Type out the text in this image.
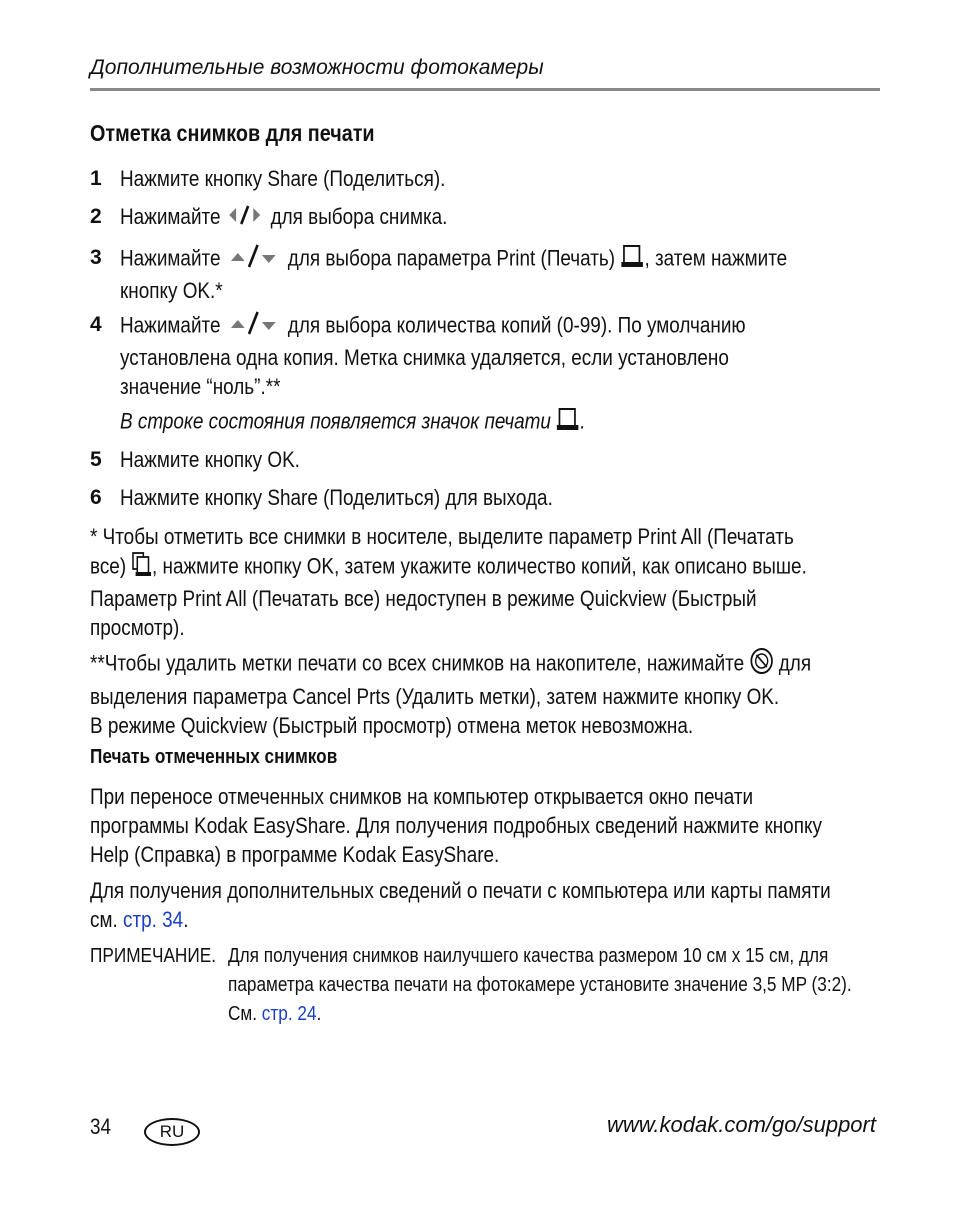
Дополнительные возможности фотокамеры
Отметка снимков для печати
1 Нажмите кнопку Share (Поделиться).
2 Нажимайте для выбора снимка.
3 Нажимайте	для выбора параметра Print (Печать) , затем нажмите
кнопку OK.*
4 Нажимайте	для выбора количества копий (0-99). По умолчанию
установлена одна копия. Метка снимка удаляется, если установлено
значение “ноль”.**
В строке состояния появляется значок печати .
5 Нажмите кнопку OK.
6 Нажмите кнопку Share (Поделиться) для выхода.
* Чтобы отметить все снимки в носителе, выделите параметр Print All (Печатать
все) , нажмите кнопку OK, затем укажите количество копий, как описано выше.
Параметр Print All (Печатать все) недоступен в режиме Quickview (Быстрый
просмотр).
**Чтобы удалить метки печати со всех снимков на накопителе, нажимайте для
выделения параметра Cancel Prts (Удалить метки), затем нажмите кнопку OK.
В режиме Quickview (Быстрый просмотр) отмена меток невозможна.
Печать отмеченных снимков
При переносе отмеченных снимков на компьютер открывается окно печати
программы Kodak EasyShare. Для получения подробных сведений нажмите кнопку
Help (Справка) в программе Kodak EasyShare.
Для получения дополнительных сведений о печати с компьютера или карты памяти
см. стр. 34.
ПРИМЕЧАНИЕ. Для получения снимков наилучшего качества размером 10 см x 15 см, для
параметра качества печати на фотокамере установите значение 3,5 MP (3:2).
См. стр. 24.
34	RU	www.kodak.com/go/support
